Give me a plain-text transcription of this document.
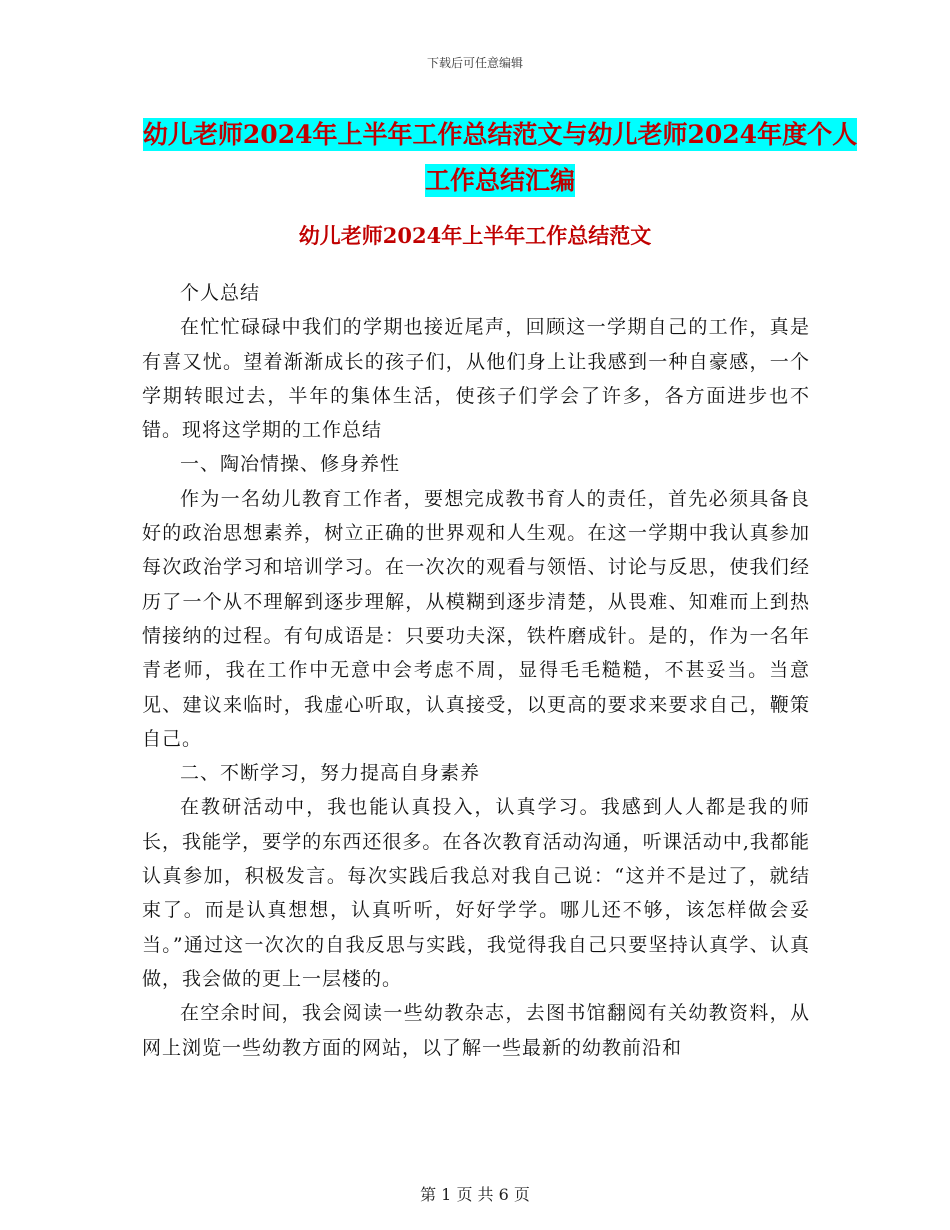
下载后可任意编辑
幼儿老师2024年上半年工作总结范文与幼儿老师2024年度个人工作总结汇编
幼儿老师2024年上半年工作总结范文

个人总结

在忙忙碌碌中我们的学期也接近尾声，回顾这一学期自己的工作，真是有喜又忧。望着渐渐成长的孩子们，从他们身上让我感到一种自豪感，一个学期转眼过去，半年的集体生活，使孩子们学会了许多，各方面进步也不错。现将这学期的工作总结

一、陶冶情操、修身养性

作为一名幼儿教育工作者，要想完成教书育人的责任，首先必须具备良好的政治思想素养，树立正确的世界观和人生观。在这一学期中我认真参加每次政治学习和培训学习。在一次次的观看与领悟、讨论与反思，使我们经历了一个从不理解到逐步理解，从模糊到逐步清楚，从畏难、知难而上到热情接纳的过程。有句成语是：只要功夫深，铁杵磨成针。是的，作为一名年青老师，我在工作中无意中会考虑不周，显得毛毛糙糙，不甚妥当。当意见、建议来临时，我虚心听取，认真接受，以更高的要求来要求自己，鞭策自己。

二、不断学习，努力提高自身素养

在教研活动中，我也能认真投入，认真学习。我感到人人都是我的师长，我能学，要学的东西还很多。在各次教育活动沟通，听课活动中,我都能认真参加，积极发言。每次实践后我总对我自己说：“这并不是过了，就结束了。而是认真想想，认真听听，好好学学。哪儿还不够，该怎样做会妥当。”通过这一次次的自我反思与实践，我觉得我自己只要坚持认真学、认真做，我会做的更上一层楼的。

在空余时间，我会阅读一些幼教杂志，去图书馆翻阅有关幼教资料，从网上浏览一些幼教方面的网站，以了解一些最新的幼教前沿和

第 1 页 共 6 页
